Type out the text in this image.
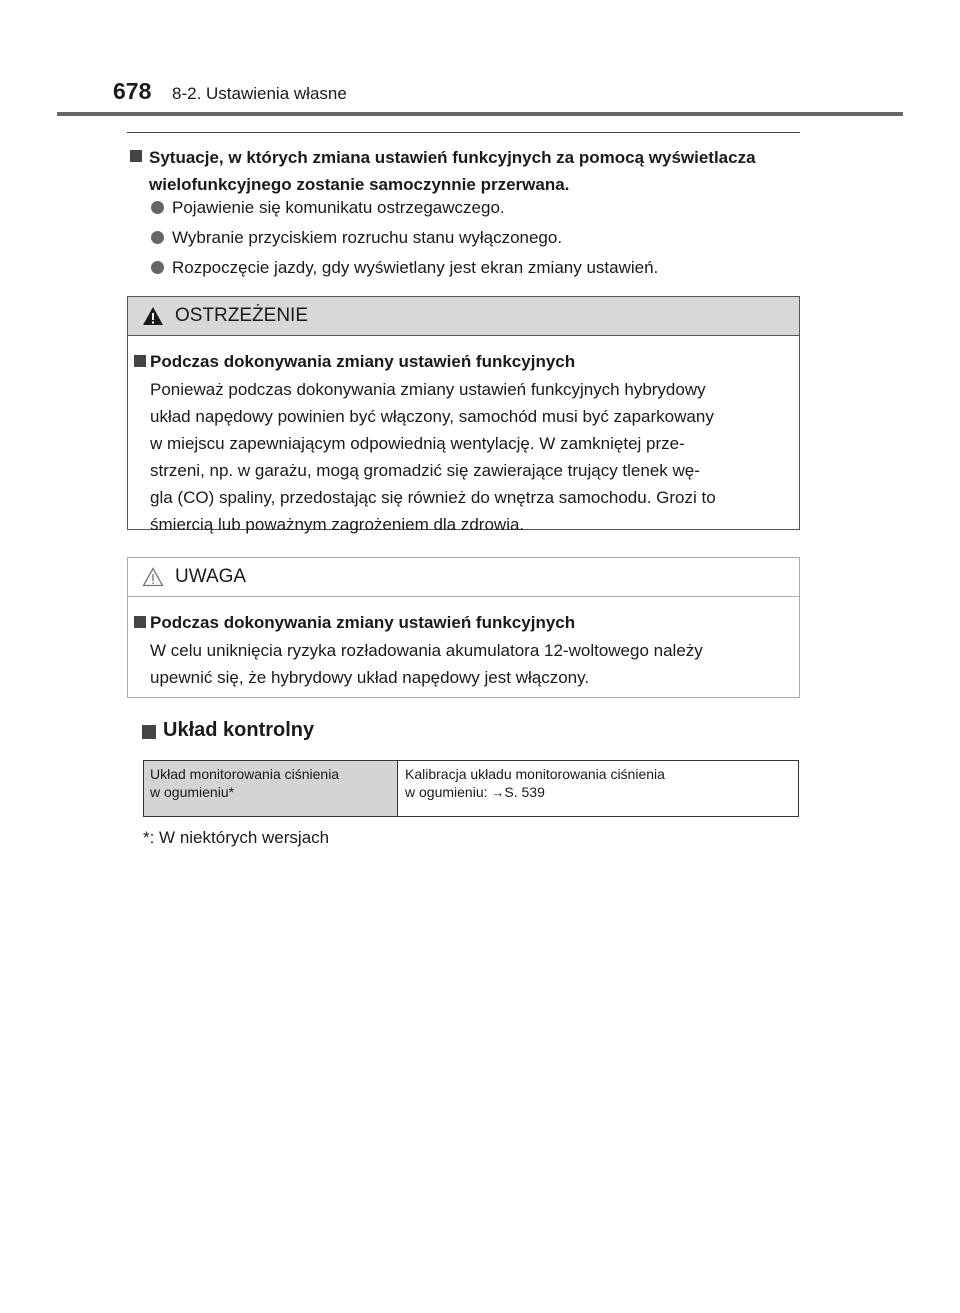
678 8-2. Ustawienia własne
Sytuacje, w których zmiana ustawień funkcyjnych za pomocą wyświetlacza
wielofunkcyjnego zostanie samoczynnie przerwana.
Pojawienie się komunikatu ostrzegawczego.
Wybranie przyciskiem rozruchu stanu wyłączonego.
Rozpoczęcie jazdy, gdy wyświetlany jest ekran zmiany ustawień.
OSTRZEŻENIE
Podczas dokonywania zmiany ustawień funkcyjnych
Ponieważ podczas dokonywania zmiany ustawień funkcyjnych hybrydowy
układ napędowy powinien być włączony, samochód musi być zaparkowany
w miejscu zapewniającym odpowiednią wentylację. W zamkniętej prze-
strzeni, np. w garażu, mogą gromadzić się zawierające trujący tlenek wę-
gla (CO) spaliny, przedostając się również do wnętrza samochodu. Grozi to
śmiercią lub poważnym zagrożeniem dla zdrowia.
UWAGA
Podczas dokonywania zmiany ustawień funkcyjnych
W celu uniknięcia ryzyka rozładowania akumulatora 12-woltowego należy
upewnić się, że hybrydowy układ napędowy jest włączony.
Układ kontrolny
Układ monitorowania ciśnienia
w ogumieniu*
Kalibracja układu monitorowania ciśnienia
w ogumieniu: →S. 539
*: W niektórych wersjach
